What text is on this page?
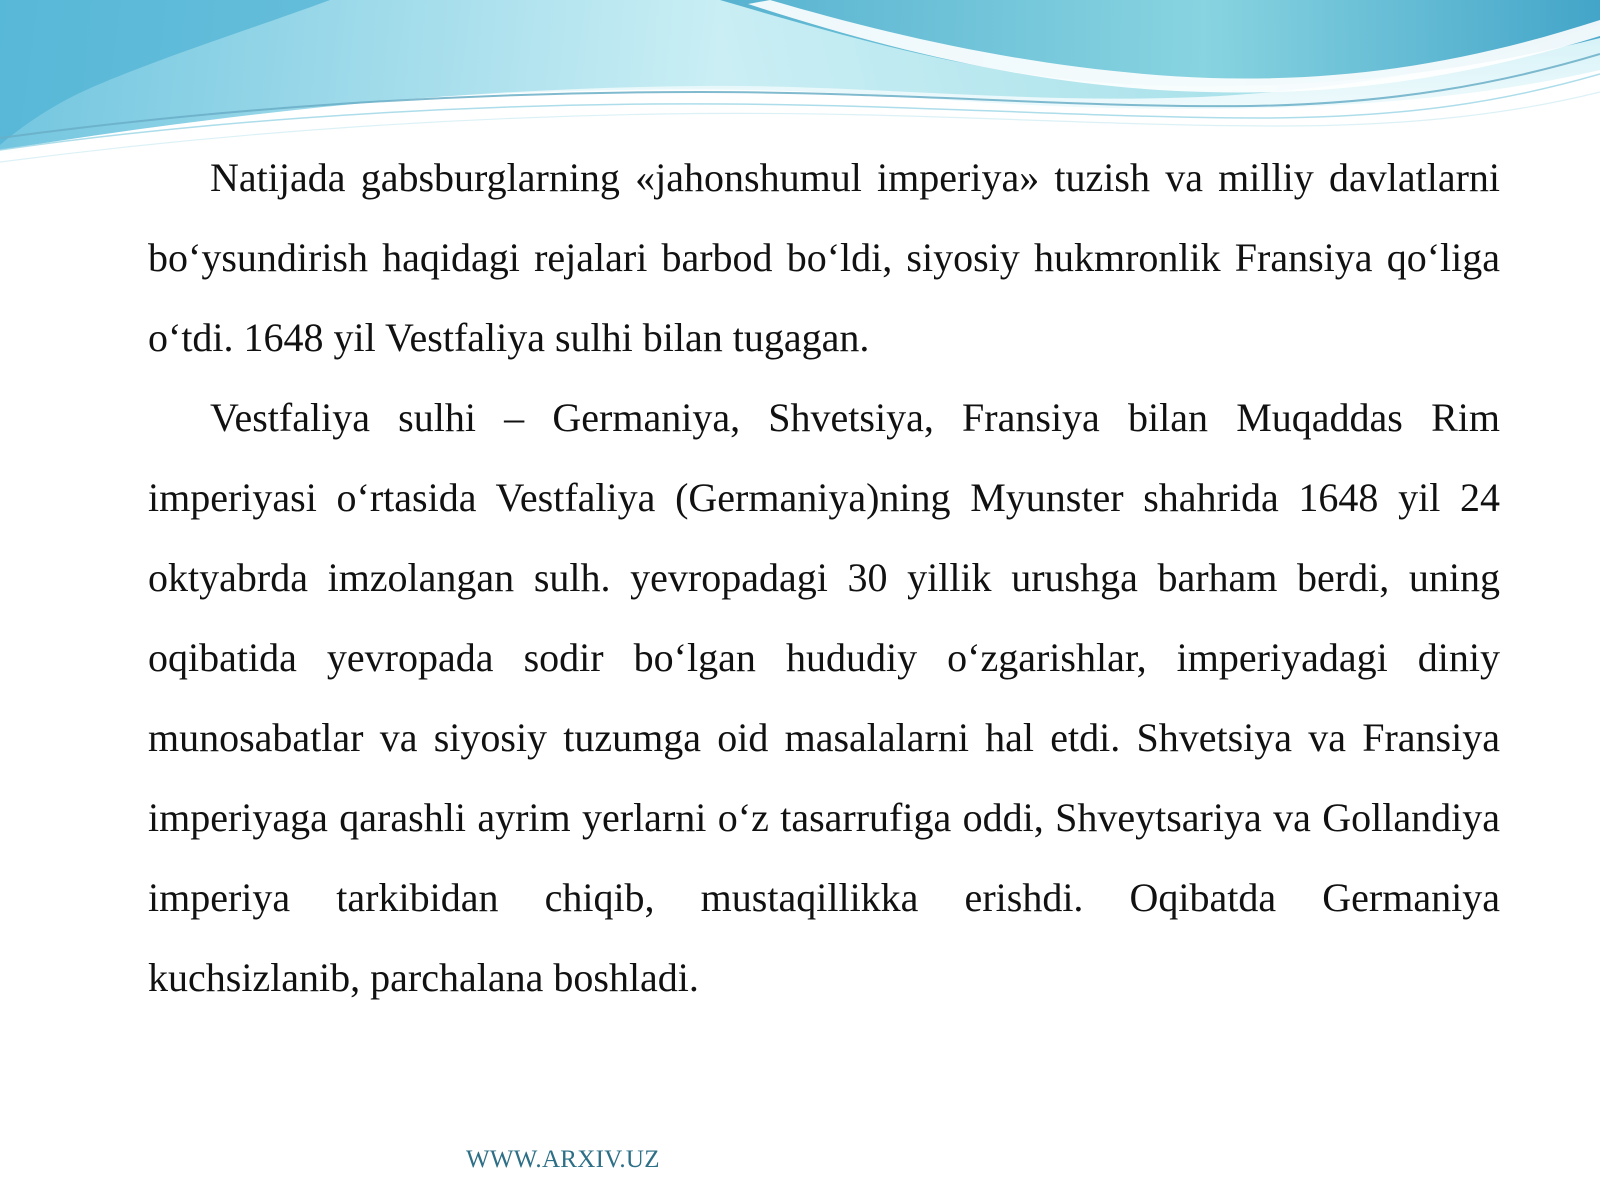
Natijada gabsburglarning «jahonshumul imperiya» tuzish va milliy davlatlarni bo‘ysundirish haqidagi rejalari barbod bo‘ldi, siyosiy hukmronlik Fransiya qo‘liga o‘tdi. 1648 yil Vestfaliya sulhi bilan tugagan.

Vestfaliya sulhi – Germaniya, Shvetsiya, Fransiya bilan Muqaddas Rim imperiyasi o‘rtasida Vestfaliya (Germaniya)ning Myunster shahrida 1648 yil 24 oktyabrda imzolangan sulh. yevropadagi 30 yillik urushga barham berdi, uning oqibatida yevropada sodir bo‘lgan hududiy o‘zgarishlar, imperiyadagi diniy munosabatlar va siyosiy tuzumga oid masalalarni hal etdi. Shvetsiya va Fransiya imperiyaga qarashli ayrim yerlarni o‘z tasarrufiga oddi, Shveytsariya va Gollandiya imperiya tarkibidan chiqib, mustaqillikka erishdi. Oqibatda Germaniya kuchsizlanib, parchalana boshladi.

WWW.ARXIV.UZ
